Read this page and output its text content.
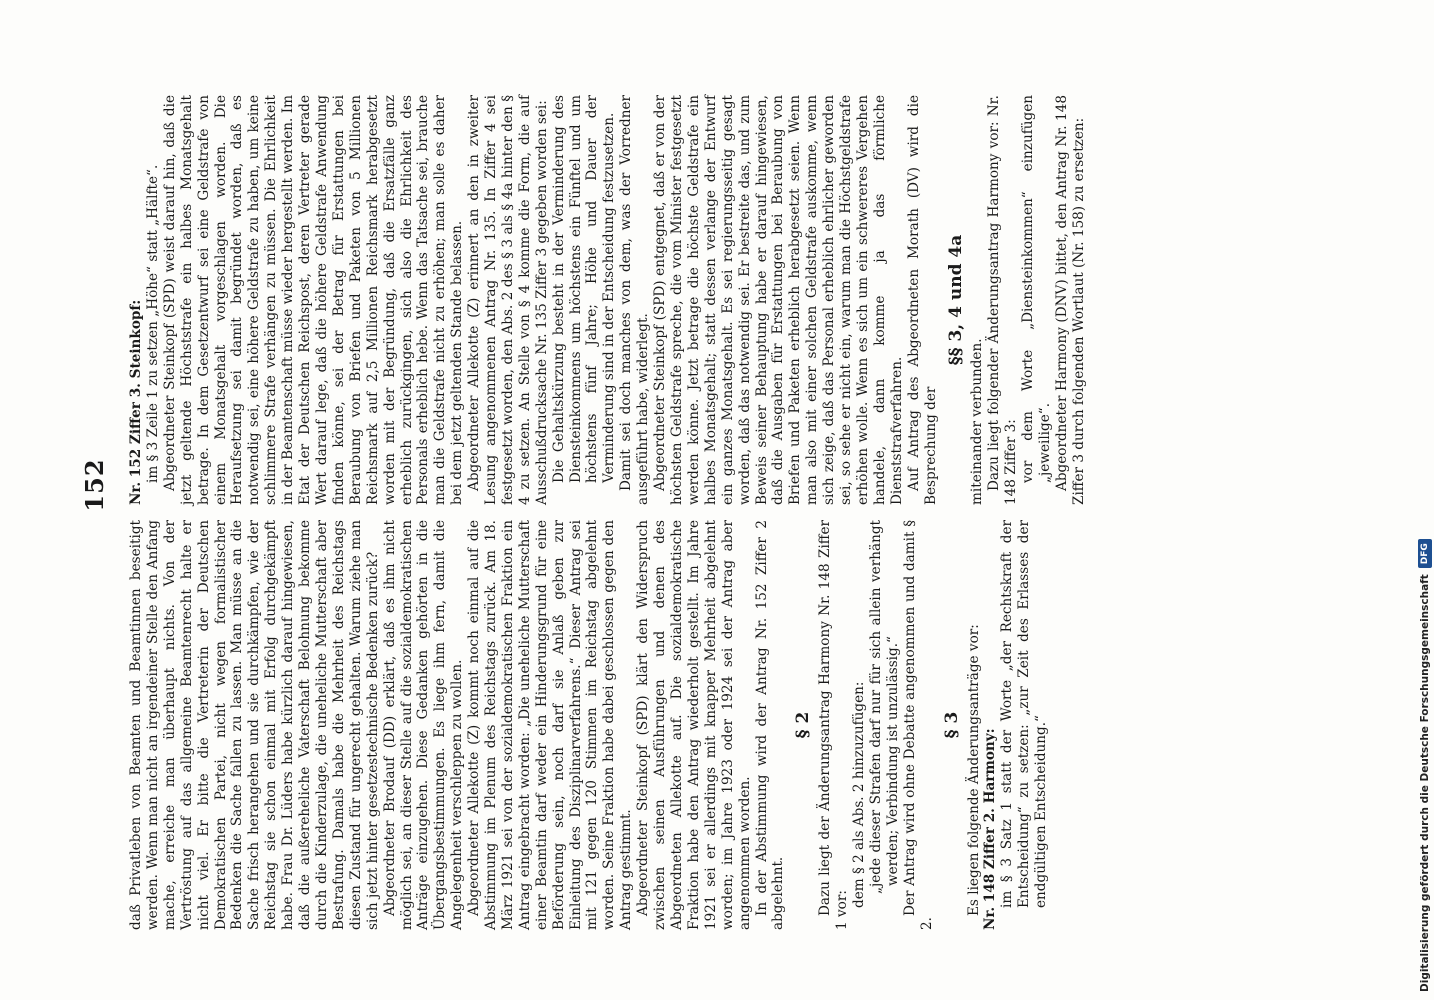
152

daß Privatleben von Beamten und Beamtinnen beseitigt werden. Wenn man nicht an irgendeiner Stelle den Anfang mache, erreiche man überhaupt nichts. Von der Vertröstung auf das allgemeine Beamtenrecht halte er nicht viel. Er bitte die Vertreterin der Deutschen Demokratischen Partei, nicht wegen formalistischer Bedenken die Sache fallen zu lassen. Man müsse an die Sache frisch herangehen und sie durchkämpfen, wie der Reichstag sie schon einmal mit Erfolg durchgekämpft habe. Frau Dr. Lüders habe kürzlich darauf hingewiesen, daß die außereheliche Vaterschaft Belohnung bekomme durch die Kinderzulage, die uneheliche Mutterschaft aber Bestrafung. Damals habe die Mehrheit des Reichstags diesen Zustand für ungerecht gehalten. Warum ziehe man sich jetzt hinter gesetzestechnische Bedenken zurück? Abgeordneter Brodauf (DD) erklärt, daß es ihm nicht möglich sei, an dieser Stelle auf die sozialdemokratischen Anträge einzugehen. Diese Gedanken gehörten in die Übergangsbestimmungen. Es liege ihm fern, damit die Angelegenheit verschleppen zu wollen. Abgeordneter Allekotte (Z) kommt noch einmal auf die Abstimmung im Plenum des Reichstags zurück. Am 18. März 1921 sei von der sozialdemokratischen Fraktion ein Antrag eingebracht worden: „Die uneheliche Mutterschaft einer Beamtin darf weder ein Hinderungsgrund für eine Beförderung sein, noch darf sie Anlaß geben zur Einleitung des Disziplinarverfahrens.“ Dieser Antrag sei mit 121 gegen 120 Stimmen im Reichstag abgelehnt worden. Seine Fraktion habe dabei geschlossen gegen den Antrag gestimmt. Abgeordneter Steinkopf (SPD) klärt den Widerspruch zwischen seinen Ausführungen und denen des Abgeordneten Allekotte auf. Die sozialdemokratische Fraktion habe den Antrag wiederholt gestellt. Im Jahre 1921 sei er allerdings mit knapper Mehrheit abgelehnt worden; im Jahre 1923 oder 1924 sei der Antrag aber angenommen worden. In der Abstimmung wird der Antrag Nr. 152 Ziffer 2 abgelehnt.

§ 2 Dazu liegt der Änderungsantrag Harmony Nr. 148 Ziffer 1 vor:

dem § 2 als Abs. 2 hinzuzufügen: „jede dieser Strafen darf nur für sich allein verhängt werden; Verbindung ist unzulässig.“ Der Antrag wird ohne Debatte angenommen und damit § 2.

§ 3 Es liegen folgende Änderungsanträge vor: Nr. 148 Ziffer 2. Harmony: im § 3 Satz 1 statt der Worte „der Rechtskraft der Entscheidung“ zu setzen: „zur Zeit des Erlasses der endgültigen Entscheidung.“

Nr. 152 Ziffer 3. Steinkopf: im § 3 Zeile 1 zu setzen „Höhe“ statt „Hälfte“. Abgeordneter Steinkopf (SPD) weist darauf hin, daß die jetzt geltende Höchststrafe ein halbes Monatsgehalt betrage. In dem Gesetzentwurf sei eine Geldstrafe von einem Monatsgehalt vorgeschlagen worden. Die Heraufsetzung sei damit begründet worden, daß es notwendig sei, eine höhere Geldstrafe zu haben, um keine schlimmere Strafe verhängen zu müssen. Die Ehrlichkeit in der Beamtenschaft müsse wieder hergestellt werden. Im Etat der Deutschen Reichspost, deren Vertreter gerade Wert darauf lege, daß die höhere Geldstrafe Anwendung finden könne, sei der Betrag für Erstattungen bei Beraubung von Briefen und Paketen von 5 Millionen Reichsmark auf 2,5 Millionen Reichsmark herabgesetzt worden mit der Begründung, daß die Ersatzfälle ganz erheblich zurückgingen, sich also die Ehrlichkeit des Personals erheblich hebe. Wenn das Tatsache sei, brauche man die Geldstrafe nicht zu erhöhen; man solle es daher bei dem jetzt geltenden Stande belassen. Abgeordneter Allekotte (Z) erinnert an den in zweiter Lesung angenommenen Antrag Nr. 135. In Ziffer 4 sei festgesetzt worden, den Abs. 2 des § 3 als § 4a hinter den § 4 zu setzen. An Stelle von § 4 komme die Form, die auf Ausschußdrucksache Nr. 135 Ziffer 3 gegeben worden sei: Die Gehaltskürzung besteht in der Verminderung des Diensteinkommens um höchstens ein Fünftel und um höchstens fünf Jahre; Höhe und Dauer der Verminderung sind in der Entscheidung festzusetzen. Damit sei doch manches von dem, was der Vorredner ausgeführt habe, widerlegt. Abgeordneter Steinkopf (SPD) entgegnet, daß er von der höchsten Geldstrafe spreche, die vom Minister festgesetzt werden könne. Jetzt betrage die höchste Geldstrafe ein halbes Monatsgehalt; statt dessen verlange der Entwurf ein ganzes Monatsgehalt. Es sei regierungsseitig gesagt worden, daß das notwendig sei. Er bestreite das, und zum Beweis seiner Behauptung habe er darauf hingewiesen, daß die Ausgaben für Erstattungen bei Beraubung von Briefen und Paketen erheblich herabgesetzt seien. Wenn man also mit einer solchen Geldstrafe auskomme, wenn sich zeige, daß das Personal erheblich ehrlicher geworden sei, so sehe er nicht ein, warum man die Höchstgeldstrafe erhöhen wolle. Wenn es sich um ein schwereres Vergehen handele, dann komme ja das förmliche Dienststrafverfahren. Auf Antrag des Abgeordneten Morath (DV) wird die Besprechung der

§§ 3, 4 und 4a

miteinander verbunden. Dazu liegt folgender Änderungsantrag Harmony vor: Nr. 148 Ziffer 3: vor dem Worte „Diensteinkommen“ einzufügen „jeweilige“. Abgeordneter Harmony (DNV) bittet, den Antrag Nr. 148 Ziffer 3 durch folgenden Wortlaut (Nr. 158) zu ersetzen:

Digitalisierung gefördert durch die Deutsche Forschungsgemeinschaft
DFG
